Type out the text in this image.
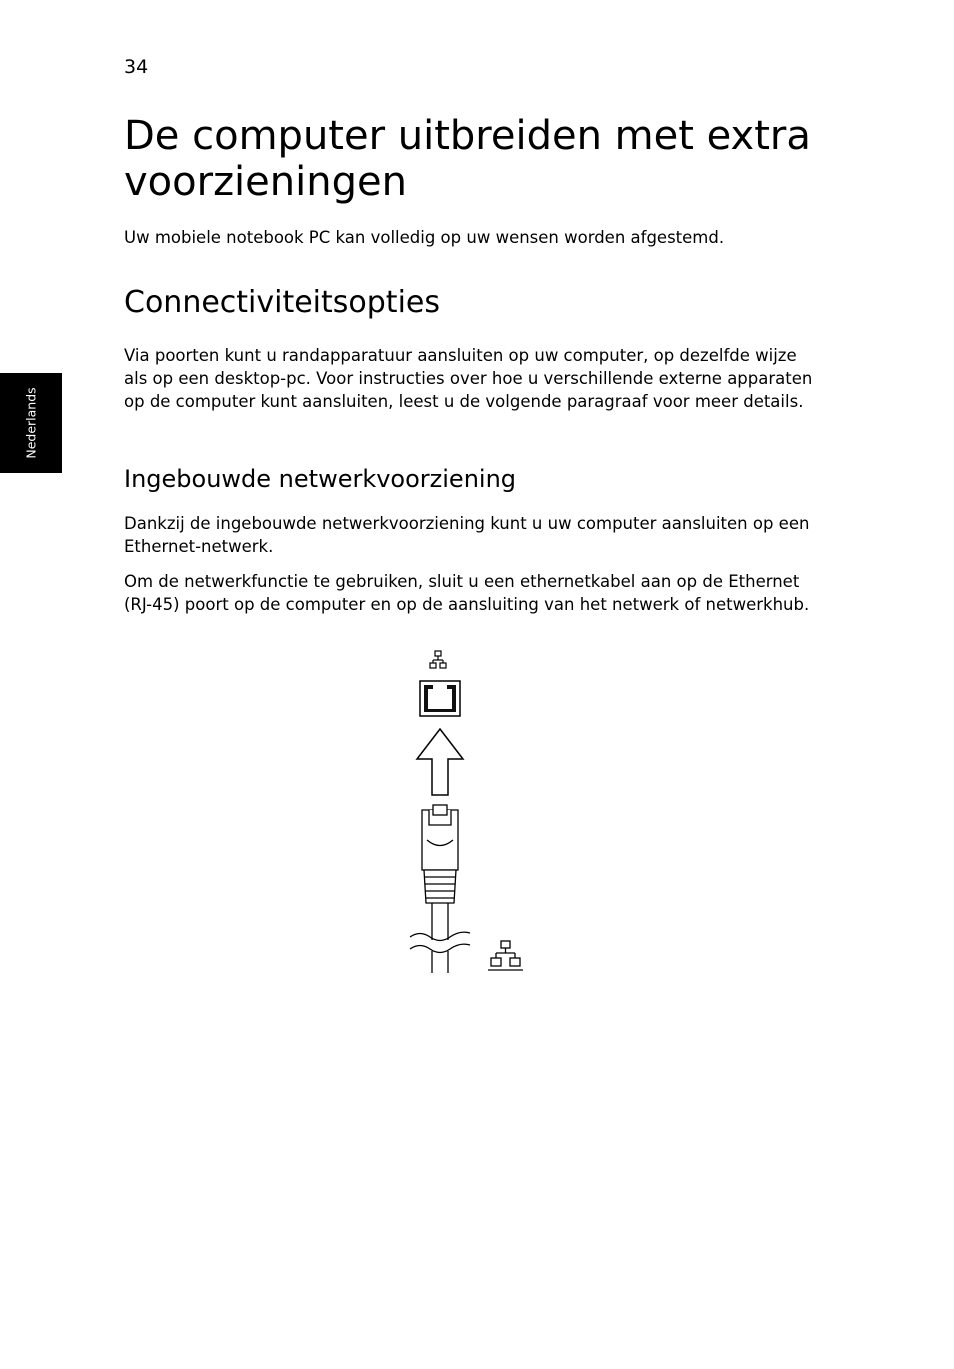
34
Nederlands
De computer uitbreiden met extra voorzieningen

Uw mobiele notebook PC kan volledig op uw wensen worden afgestemd.

Connectiviteitsopties

Via poorten kunt u randapparatuur aansluiten op uw computer, op dezelfde wijze als op een desktop-pc. Voor instructies over hoe u verschillende externe apparaten op de computer kunt aansluiten, leest u de volgende paragraaf voor meer details.

Ingebouwde netwerkvoorziening

Dankzij de ingebouwde netwerkvoorziening kunt u uw computer aansluiten op een Ethernet-netwerk.

Om de netwerkfunctie te gebruiken, sluit u een ethernetkabel aan op de Ethernet (RJ-45) poort op de computer en op de aansluiting van het netwerk of netwerkhub.
